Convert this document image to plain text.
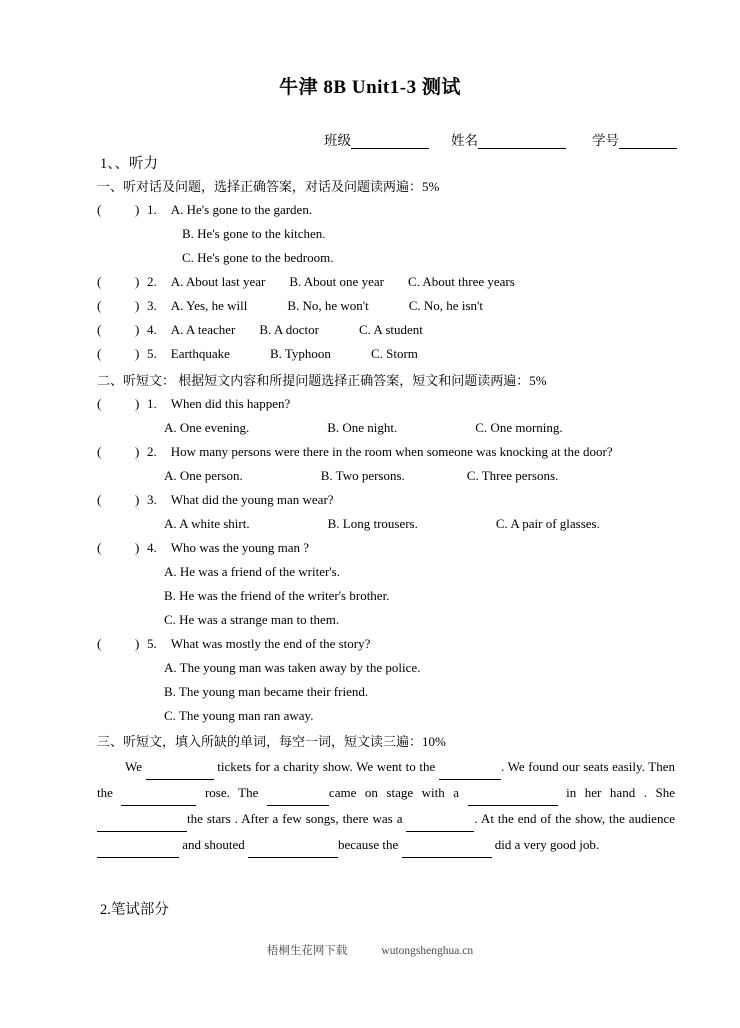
牛津 8B Unit1-3 测试
班级	姓名	学号
1、、听力
一、听对话及问题，选择正确答案，对话及问题读两遍：5%
(	) 1. A. He's gone to the garden.
B. He's gone to the kitchen.
C. He's gone to the bedroom.
(	) 2. A. About last year B. About one year C. About three years
(	) 3. A. Yes, he will	B. No, he won't	C. No, he isn't
(	) 4. A. A teacher B. A doctor	C. A student
(	) 5. Earthquake	B. Typhoon	C. Storm
二、听短文： 根据短文内容和所提问题选择正确答案，短文和问题读两遍：5%
(	) 1. When did this happen?
A. One evening.	B. One night.	C. One morning.
(	) 2. How many persons were there in the room when someone was knocking at the door?
A. One person.	B. Two persons.	C. Three persons.
(	) 3. What did the young man wear?
A. A white shirt.	B. Long trousers.	C. A pair of glasses.
(	) 4. Who was the young man ?
A. He was a friend of the writer's.
B. He was the friend of the writer's brother.
C. He was a strange man to them.
(	) 5. What was mostly the end of the story?
A. The young man was taken away by the police.
B. The young man became their friend.
C. The young man ran away.
三、听短文，填入所缺的单词，每空一词，短文读三遍：10%
We	tickets for a charity show. We went to the	. We found our seats easily. Then the	rose. The	came on stage with a	in her hand . She the stars . After a few songs, there was a	. At the end of the show, the audience  and shouted	because the	did a very good job.
2.笔试部分
梧桐生花网下载	wutongshenghua.cn
